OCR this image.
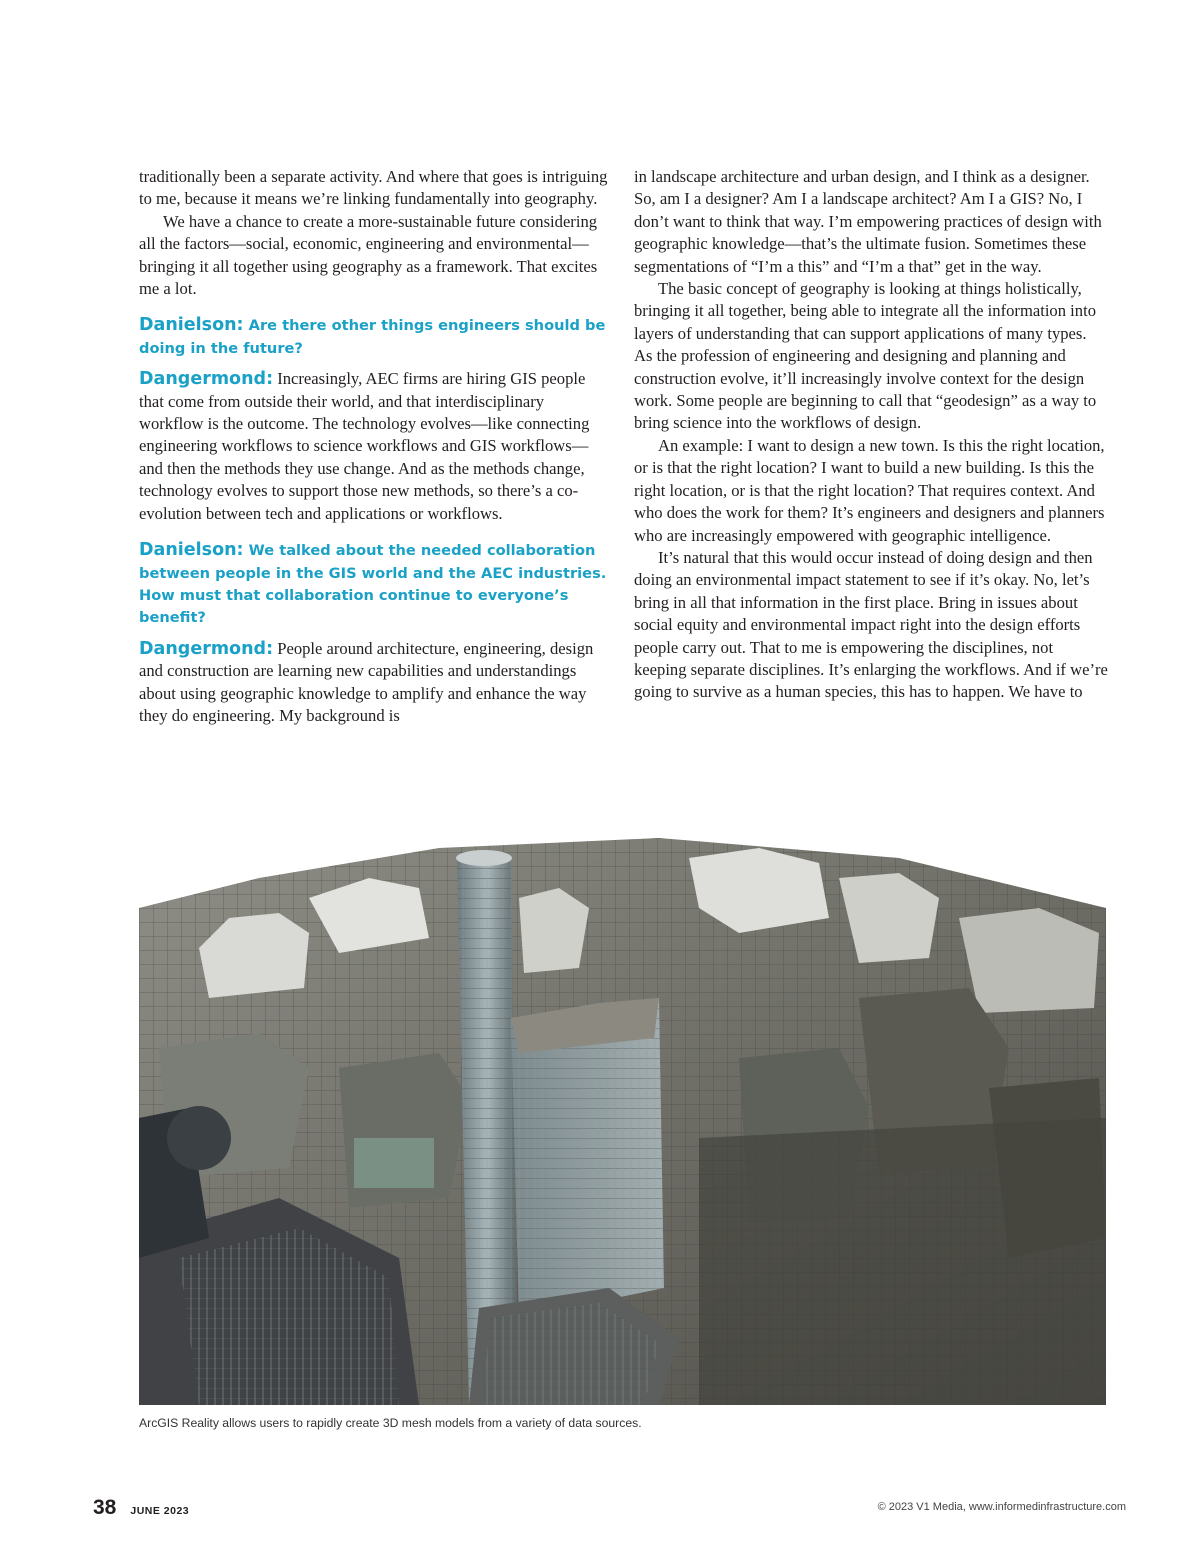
traditionally been a separate activity. And where that goes is intriguing to me, because it means we’re linking fundamentally into geography.

We have a chance to create a more-sustainable future considering all the factors—social, economic, engineering and environmental—bringing it all together using geography as a framework. That excites me a lot.

Danielson: Are there other things engineers should be doing in the future?

Dangermond: Increasingly, AEC firms are hiring GIS people that come from outside their world, and that interdisciplinary workflow is the outcome. The technology evolves—like connecting engineering workflows to science workflows and GIS workflows—and then the methods they use change. And as the methods change, technology evolves to support those new methods, so there’s a co-evolution between tech and applications or workflows.

Danielson: We talked about the needed collaboration between people in the GIS world and the AEC industries. How must that collaboration continue to everyone’s benefit?

Dangermond: People around architecture, engineering, design and construction are learning new capabilities and understandings about using geographic knowledge to amplify and enhance the way they do engineering. My background is

in landscape architecture and urban design, and I think as a designer. So, am I a designer? Am I a landscape architect? Am I a GIS? No, I don’t want to think that way. I’m empowering practices of design with geographic knowledge—that’s the ultimate fusion. Sometimes these segmentations of “I’m a this” and “I’m a that” get in the way.

The basic concept of geography is looking at things holistically, bringing it all together, being able to integrate all the information into layers of understanding that can support applications of many types. As the profession of engineering and designing and planning and construction evolve, it’ll increasingly involve context for the design work. Some people are beginning to call that “geodesign” as a way to bring science into the workflows of design.

An example: I want to design a new town. Is this the right location, or is that the right location? I want to build a new building. Is this the right location, or is that the right location? That requires context. And who does the work for them? It’s engineers and designers and planners who are increasingly empowered with geographic intelligence.

It’s natural that this would occur instead of doing design and then doing an environmental impact statement to see if it’s okay. No, let’s bring in all that information in the first place. Bring in issues about social equity and environmental impact right into the design efforts people carry out. That to me is empowering the disciplines, not keeping separate disciplines. It’s enlarging the workflows. And if we’re going to survive as a human species, this has to happen. We have to

ArcGIS Reality allows users to rapidly create 3D mesh models from a variety of data sources.
38 JUNE 2023	© 2023 V1 Media, www.informedinfrastructure.com
